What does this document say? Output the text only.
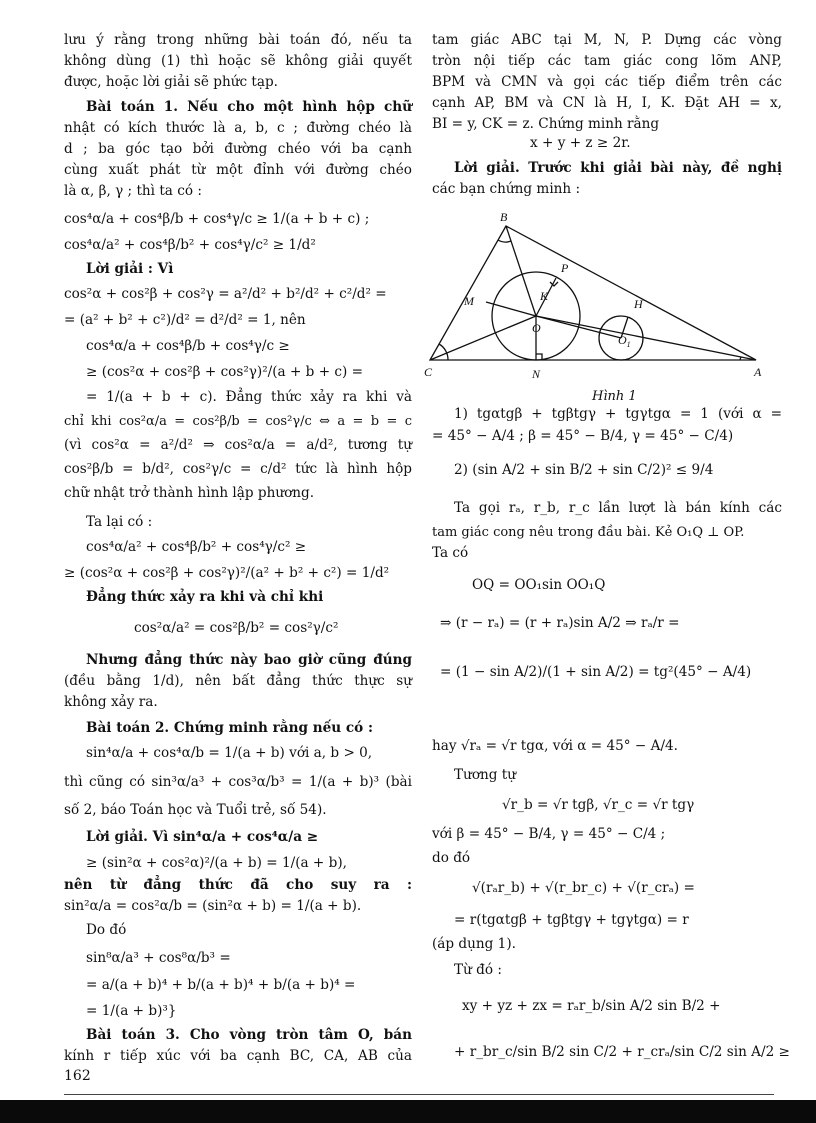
lưu ý rằng trong những bài toán đó, nếu ta
không dùng (1) thì hoặc sẽ không giải quyết
được, hoặc lời giải sẽ phức tạp.
Bài toán 1. Nếu cho một hình hộp chữ
nhật có kích thước là a, b, c ; đường chéo là
d ; ba góc tạo bởi đường chéo với ba cạnh
cùng xuất phát từ một đỉnh với đường chéo
là α, β, γ ; thì ta có :
cos⁴α/a + cos⁴β/b + cos⁴γ/c ≥ 1/(a + b + c) ;
cos⁴α/a² + cos⁴β/b² + cos⁴γ/c² ≥ 1/d²
Lời giải : Vì
cos²α + cos²β + cos²γ = a²/d² + b²/d² + c²/d² =
= (a² + b² + c²)/d² = d²/d² = 1, nên
cos⁴α/a + cos⁴β/b + cos⁴γ/c ≥
≥ (cos²α + cos²β + cos²γ)²/(a + b + c) =
= 1/(a + b + c). Đẳng thức xảy ra khi và
chỉ khi cos²α/a = cos²β/b = cos²γ/c ⇔ a = b = c
(vì cos²α = a²/d² ⇒ cos²α/a = a/d², tương tự
cos²β/b = b/d², cos²γ/c = c/d² tức là hình hộp
chữ nhật trở thành hình lập phương.
Ta lại có :
cos⁴α/a² + cos⁴β/b² + cos⁴γ/c² ≥
≥ (cos²α + cos²β + cos²γ)²/(a² + b² + c²) = 1/d²
Đẳng thức xảy ra khi và chỉ khi
cos²α/a² = cos²β/b² = cos²γ/c²
Nhưng đẳng thức này bao giờ cũng đúng
(đều bằng 1/d), nên bất đẳng thức thực sự
không xảy ra.
Bài toán 2. Chứng minh rằng nếu có :
sin⁴α/a + cos⁴α/b = 1/(a + b) với a, b > 0,
thì cũng có sin³α/a³ + cos³α/b³ = 1/(a + b)³ (bài
số 2, báo Toán học và Tuổi trẻ, số 54).
Lời giải. Vì sin⁴α/a + cos⁴α/a ≥
≥ (sin²α + cos²α)²/(a + b) = 1/(a + b),
nên từ đẳng thức đã cho suy ra :
sin²α/a = cos²α/b = (sin²α + b) = 1/(a + b).
Do đó
sin⁸α/a³ + cos⁸α/b³ =
= a/(a + b)⁴ + b/(a + b)⁴ + b/(a + b)⁴ =
= 1/(a + b)³}
Bài toán 3. Cho vòng tròn tâm O, bán
kính r tiếp xúc với ba cạnh BC, CA, AB của
tam giác ABC tại M, N, P. Dựng các vòng
tròn nội tiếp các tam giác cong lõm ANP,
BPM và CMN và gọi các tiếp điểm trên các
cạnh AP, BM và CN là H, I, K. Đặt AH = x,
BI = y, CK = z. Chứng minh rằng
x + y + z ≥ 2r.
Lời giải. Trước khi giải bài này, đề nghị
các bạn chứng minh :
Hình 1
1) tgαtgβ + tgβtgγ + tgγtgα = 1 (với α =
= 45° − A/4 ; β = 45° − B/4, γ = 45° − C/4)
2) (sin A/2 + sin B/2 + sin C/2)² ≤ 9/4
Ta gọi rₐ, r_b, r_c lần lượt là bán kính các
tam giác cong nêu trong đầu bài. Kẻ O₁Q ⊥ OP.
Ta có
OQ = OO₁sin OO₁Q
⇒ (r − rₐ) = (r + rₐ)sin A/2 ⇒ rₐ/r =
= (1 − sin A/2)/(1 + sin A/2) = tg²(45° − A/4)
hay √rₐ = √r tgα, với α = 45° − A/4.
Tương tự
√r_b = √r tgβ, √r_c = √r tgγ
với β = 45° − B/4, γ = 45° − C/4 ;
do đó
√(rₐr_b) + √(r_br_c) + √(r_crₐ) =
= r(tgαtgβ + tgβtgγ + tgγtgα) = r
(áp dụng 1).
Từ đó :
xy + yz + zx = rₐr_b/sin A/2 sin B/2 +
+ r_br_c/sin B/2 sin C/2 + r_crₐ/sin C/2 sin A/2 ≥
B
P
M	K
O
H
$O_1$
C	N	A
162
